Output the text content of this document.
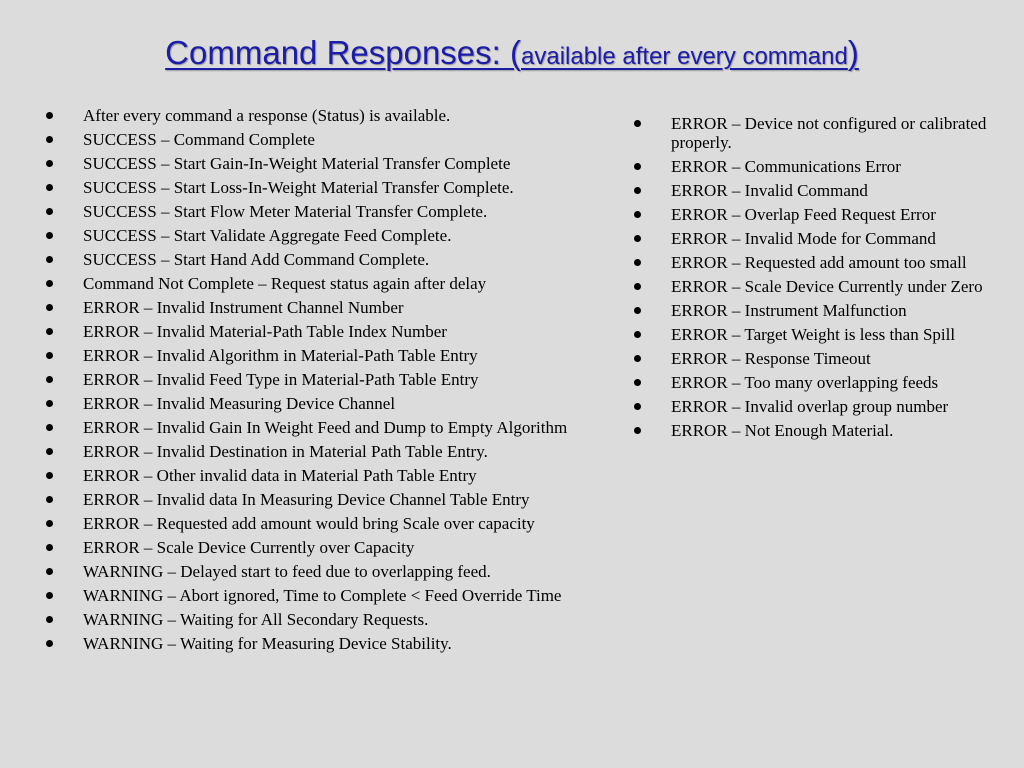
Command Responses: (available after every command)
After every command a response (Status) is available.
SUCCESS – Command Complete
SUCCESS – Start Gain-In-Weight Material Transfer Complete
SUCCESS – Start Loss-In-Weight Material Transfer Complete.
SUCCESS – Start Flow Meter Material Transfer Complete.
SUCCESS – Start Validate Aggregate Feed Complete.
SUCCESS – Start Hand Add Command Complete.
Command Not Complete – Request status again after delay
ERROR – Invalid Instrument Channel Number
ERROR – Invalid Material-Path Table Index Number
ERROR – Invalid Algorithm in Material-Path Table Entry
ERROR – Invalid Feed Type in Material-Path Table Entry
ERROR – Invalid Measuring Device Channel
ERROR – Invalid Gain In Weight Feed and Dump to Empty Algorithm
ERROR – Invalid Destination in Material Path Table Entry.
ERROR – Other invalid data in Material Path Table Entry
ERROR – Invalid data In Measuring Device Channel Table Entry
ERROR – Requested add amount would bring Scale over capacity
ERROR – Scale Device Currently over Capacity
WARNING – Delayed start to feed due to overlapping feed.
WARNING – Abort ignored, Time to Complete < Feed Override Time
WARNING – Waiting for All Secondary Requests.
WARNING – Waiting for Measuring Device Stability.
ERROR – Device not configured or calibrated properly.
ERROR – Communications Error
ERROR – Invalid Command
ERROR – Overlap Feed Request Error
ERROR – Invalid Mode for Command
ERROR – Requested add amount too small
ERROR – Scale Device Currently under Zero
ERROR – Instrument Malfunction
ERROR – Target Weight is less than Spill
ERROR – Response Timeout
ERROR – Too many overlapping feeds
ERROR – Invalid overlap group number
ERROR – Not Enough Material.
